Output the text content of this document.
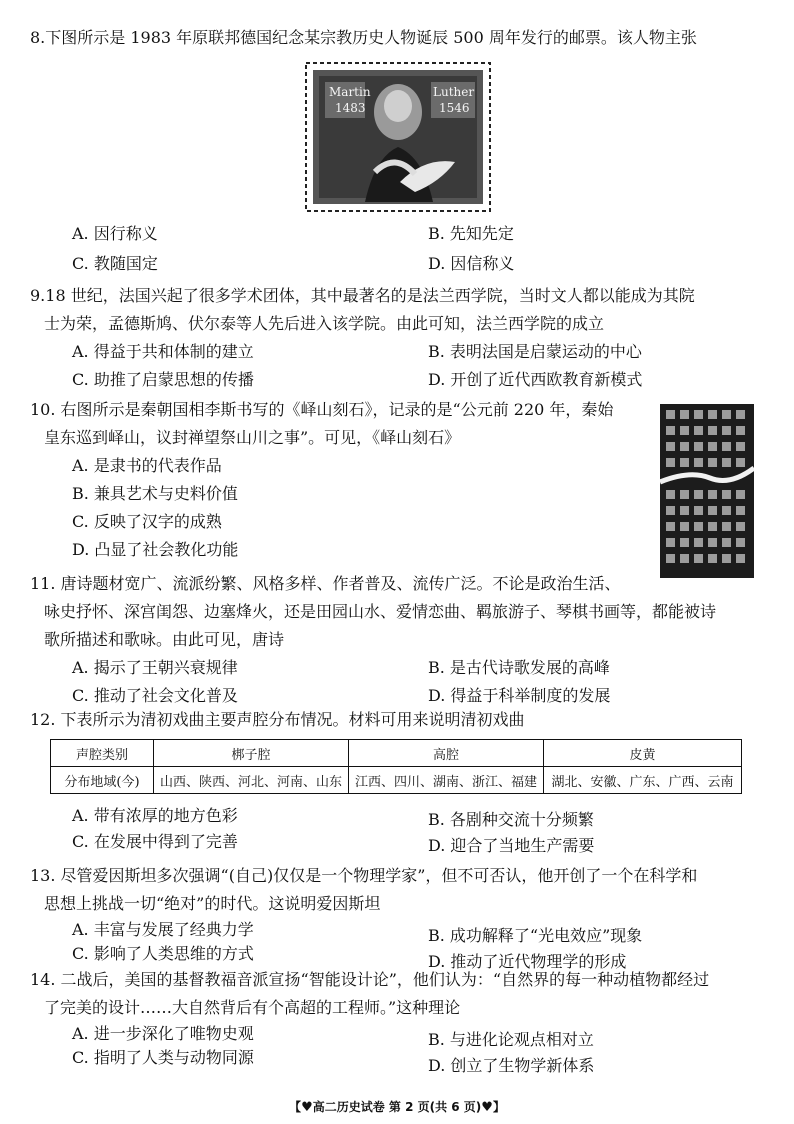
8.下图所示是 1983 年原联邦德国纪念某宗教历史人物诞辰 500 周年发行的邮票。该人物主张

Martin
1483
Luther
1546
A. 因行称义	B. 先知先定
C. 教随国定	D. 因信称义

9.18 世纪，法国兴起了很多学术团体，其中最著名的是法兰西学院，当时文人都以能成为其院

士为荣，孟德斯鸠、伏尔泰等人先后进入该学院。由此可知，法兰西学院的成立

A. 得益于共和体制的建立	B. 表明法国是启蒙运动的中心
C. 助推了启蒙思想的传播	D. 开创了近代西欧教育新模式

10. 右图所示是秦朝国相李斯书写的《峄山刻石》，记录的是“公元前 220 年，秦始

皇东巡到峄山，议封禅望祭山川之事”。可见，《峄山刻石》

A. 是隶书的代表作品
B. 兼具艺术与史料价值
C. 反映了汉字的成熟
D. 凸显了社会教化功能

11. 唐诗题材宽广、流派纷繁、风格多样、作者普及、流传广泛。不论是政治生活、

咏史抒怀、深宫闺怨、边塞烽火，还是田园山水、爱情恋曲、羁旅游子、琴棋书画等，都能被诗

歌所描述和歌咏。由此可见，唐诗

A. 揭示了王朝兴衰规律	B. 是古代诗歌发展的高峰
C. 推动了社会文化普及	D. 得益于科举制度的发展

12. 下表所示为清初戏曲主要声腔分布情况。材料可用来说明清初戏曲

声腔类别	梆子腔	高腔	皮黄
分布地域(今)	山西、陕西、河北、河南、山东	江西、四川、湖南、浙江、福建	湖北、安徽、广东、广西、云南
A. 带有浓厚的地方色彩	B. 各剧种交流十分频繁
C. 在发展中得到了完善	D. 迎合了当地生产需要

13. 尽管爱因斯坦多次强调“(自己)仅仅是一个物理学家”，但不可否认，他开创了一个在科学和

思想上挑战一切“绝对”的时代。这说明爱因斯坦

A. 丰富与发展了经典力学	B. 成功解释了“光电效应”现象
C. 影响了人类思维的方式	D. 推动了近代物理学的形成

14. 二战后，美国的基督教福音派宣扬“智能设计论”，他们认为：“自然界的每一种动植物都经过

了完美的设计……大自然背后有个高超的工程师。”这种理论

A. 进一步深化了唯物史观	B. 与进化论观点相对立
C. 指明了人类与动物同源	D. 创立了生物学新体系
【♥高二历史试卷 第 2 页(共 6 页)♥】
